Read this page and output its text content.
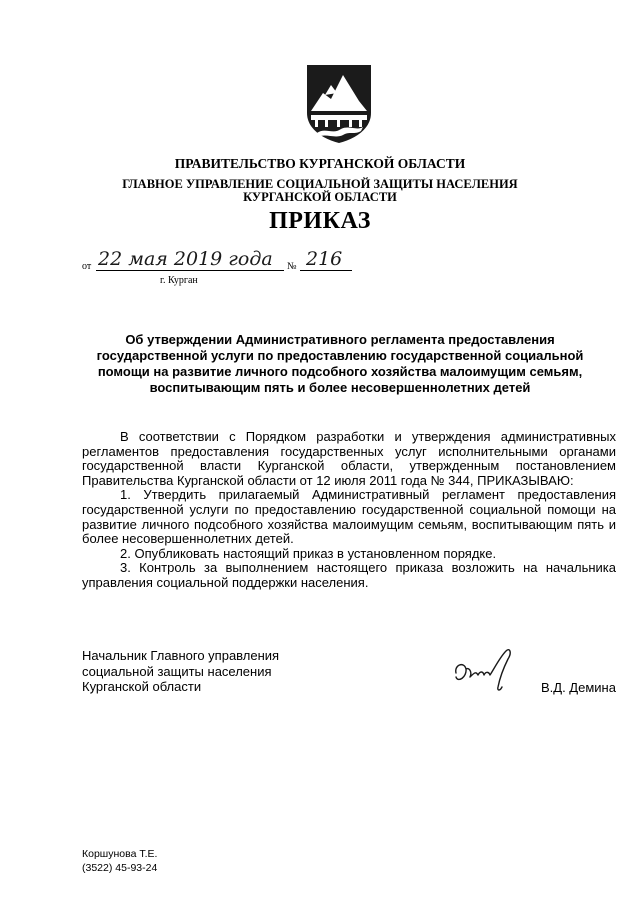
ПРАВИТЕЛЬСТВО КУРГАНСКОЙ ОБЛАСТИ
ГЛАВНОЕ УПРАВЛЕНИЕ СОЦИАЛЬНОЙ ЗАЩИТЫ НАСЕЛЕНИЯ
КУРГАНСКОЙ ОБЛАСТИ
ПРИКАЗ
от 22 мая 2019 года № 216
г. Курган
Об утверждении Административного регламента предоставления
государственной услуги по предоставлению государственной социальной
помощи на развитие личного подсобного хозяйства малоимущим семьям,
воспитывающим пять и более несовершеннолетних детей

В соответствии с Порядком разработки и утверждения административных

регламентов предоставления государственных услуг исполнительными органами

государственной власти Курганской области, утвержденным постановлением

Правительства Курганской области от 12 июля 2011 года № 344, ПРИКАЗЫВАЮ:

1. Утвердить прилагаемый Административный регламент предоставления

государственной услуги по предоставлению государственной социальной помощи на

развитие личного подсобного хозяйства малоимущим семьям, воспитывающим пять и

более несовершеннолетних детей.

2. Опубликовать настоящий приказ в установленном порядке.

3. Контроль за выполнением настоящего приказа возложить на начальника

управления социальной поддержки населения.

Начальник Главного управления
социальной защиты населения
Курганской области	В.Д. Демина
Коршунова Т.Е.
(3522) 45-93-24
